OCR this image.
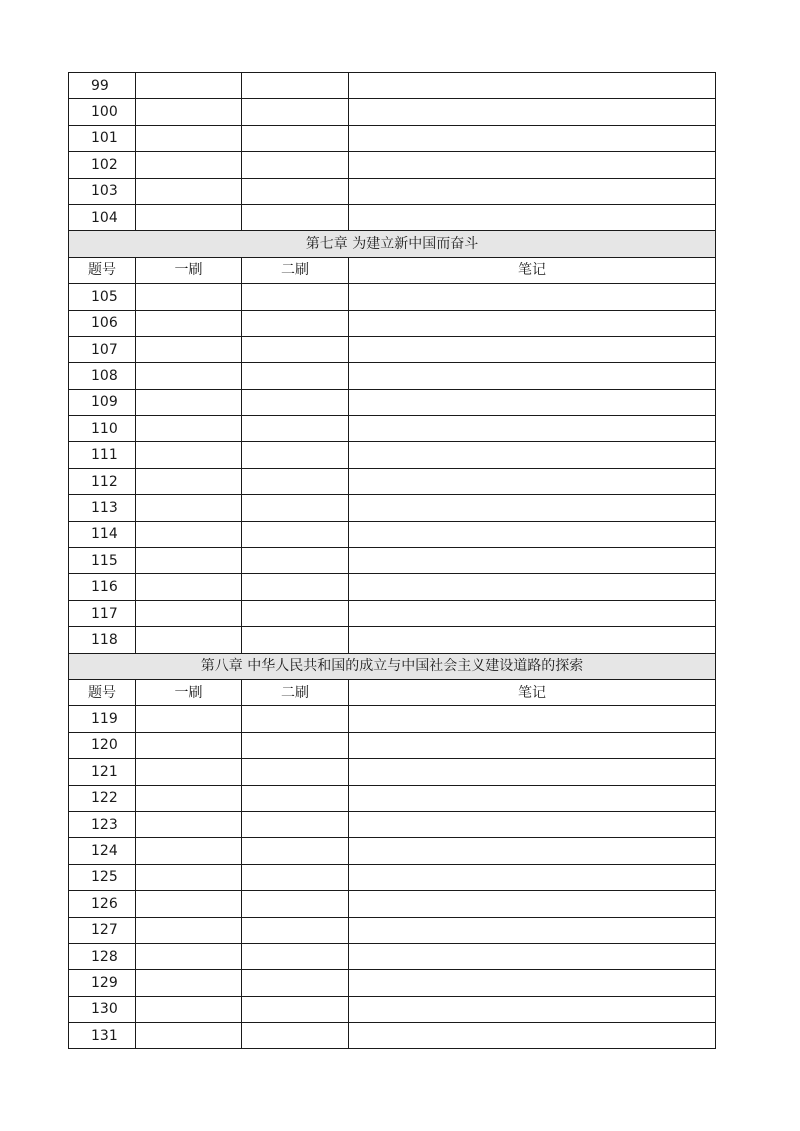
99			
100			
101			
102			
103			
104			
第七章 为建立新中国而奋斗			
题号	一刷	二刷	笔记
105			
106			
107			
108			
109			
110			
111			
112			
113			
114			
115			
116			
117			
118			
第八章 中华人民共和国的成立与中国社会主义建设道路的探索			
题号	一刷	二刷	笔记
119			
120			
121			
122			
123			
124			
125			
126			
127			
128			
129			
130			
131			
